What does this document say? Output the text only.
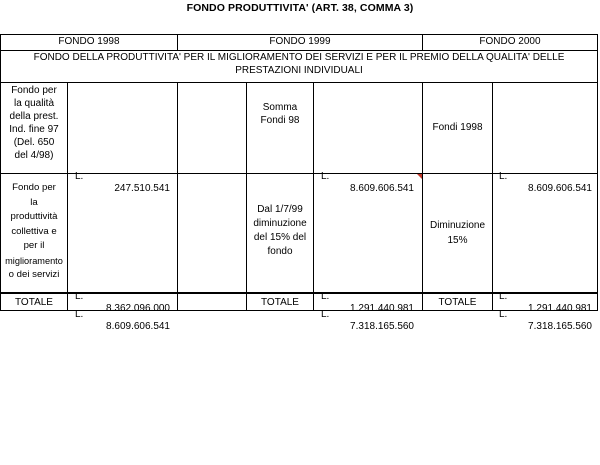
FONDO PRODUTTIVITA' (ART. 38, COMMA 3)
FONDO 1998	FONDO 1999	FONDO 2000
FONDO DELLA PRODUTTIVITA' PER IL MIGLIORAMENTO DEI SERVIZI E PER IL PREMIO DELLA QUALITA' DELLE
PRESTAZIONI INDIVIDUALI
Fondo per
la qualità
della prest.
Ind. fine 97
(Del. 650
del 4/98)

L.

247.510.541

Somma
Fondi 98

L.

8.609.606.541

Fondi 1998

L.

8.609.606.541

Fondo per
la
produttività
collettiva e
per il
miglioramento
o dei servizi

L.

8.362.096.000

Dal 1/7/99
diminuzione
del 15% del
fondo

L.

1.291.440.981

Diminuzione
15%

L.

1.291.440.981

TOTALE

L.

8.609.606.541

TOTALE

L.

7.318.165.560

TOTALE

L.

7.318.165.560
